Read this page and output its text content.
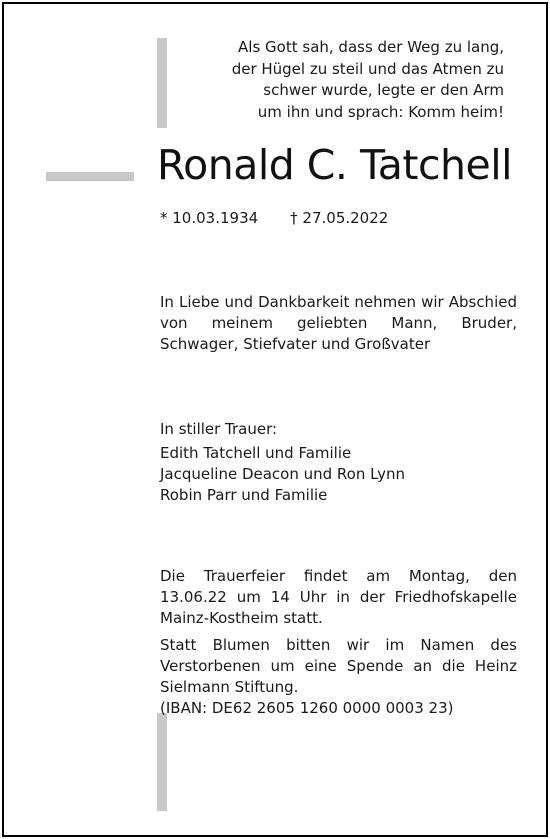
Als Gott sah, dass der Weg zu lang,
der Hügel zu steil und das Atmen zu
schwer wurde, legte er den Arm
um ihn und sprach: Komm heim!
Ronald C. Tatchell
* 10.03.1934 † 27.05.2022
In Liebe und Dankbarkeit nehmen wir Abschied von meinem geliebten Mann, Bruder, Schwager, Stiefvater und Großvater
In stiller Trauer:
Edith Tatchell und Familie
Jacqueline Deacon und Ron Lynn
Robin Parr und Familie
Die Trauerfeier findet am Montag, den 13.06.22 um 14 Uhr in der Friedhofskapelle Mainz-Kostheim statt.
Statt Blumen bitten wir im Namen des Verstorbenen um eine Spende an die Heinz Sielmann Stiftung.
(IBAN: DE62 2605 1260 0000 0003 23)
